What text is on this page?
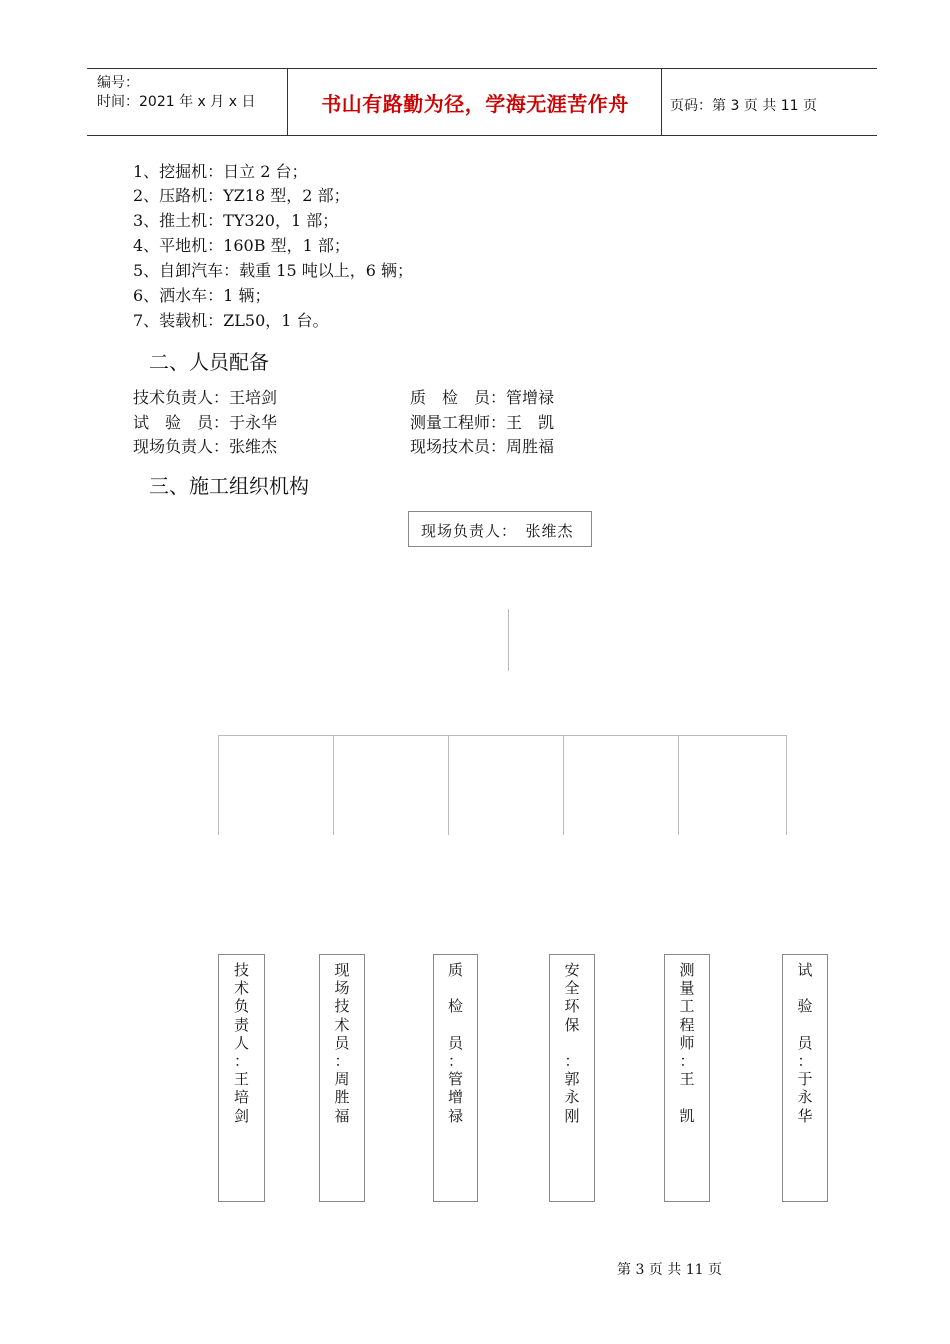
编号：
时间：2021 年 x 月 x 日	书山有路勤为径，学海无涯苦作舟	页码：第 3 页 共 11 页
1、挖掘机：日立 2 台；
2、压路机：YZ18 型，2 部；
3、推土机：TY320，1 部；
4、平地机：160B 型，1 部；
5、自卸汽车：载重 15 吨以上，6 辆；
6、洒水车：1 辆；
7、装载机：ZL50，1 台。
二、人员配备
技术负责人：王培剑
试　验　员：于永华
现场负责人：张维杰
质　检　员：管增禄
测量工程师：王　凯
现场技术员：周胜福
三、施工组织机构
现场负责人：　张维杰
技
术
负
责
人
：
王
培
剑
现
场
技
术
员
：
周
胜
福
质

检

员
：
管
增
禄
安
全
环
保

：
郭
永
刚
测
量
工
程
师
：
王

凯
试

验

员
：
于
永
华
第 3 页 共 11 页
